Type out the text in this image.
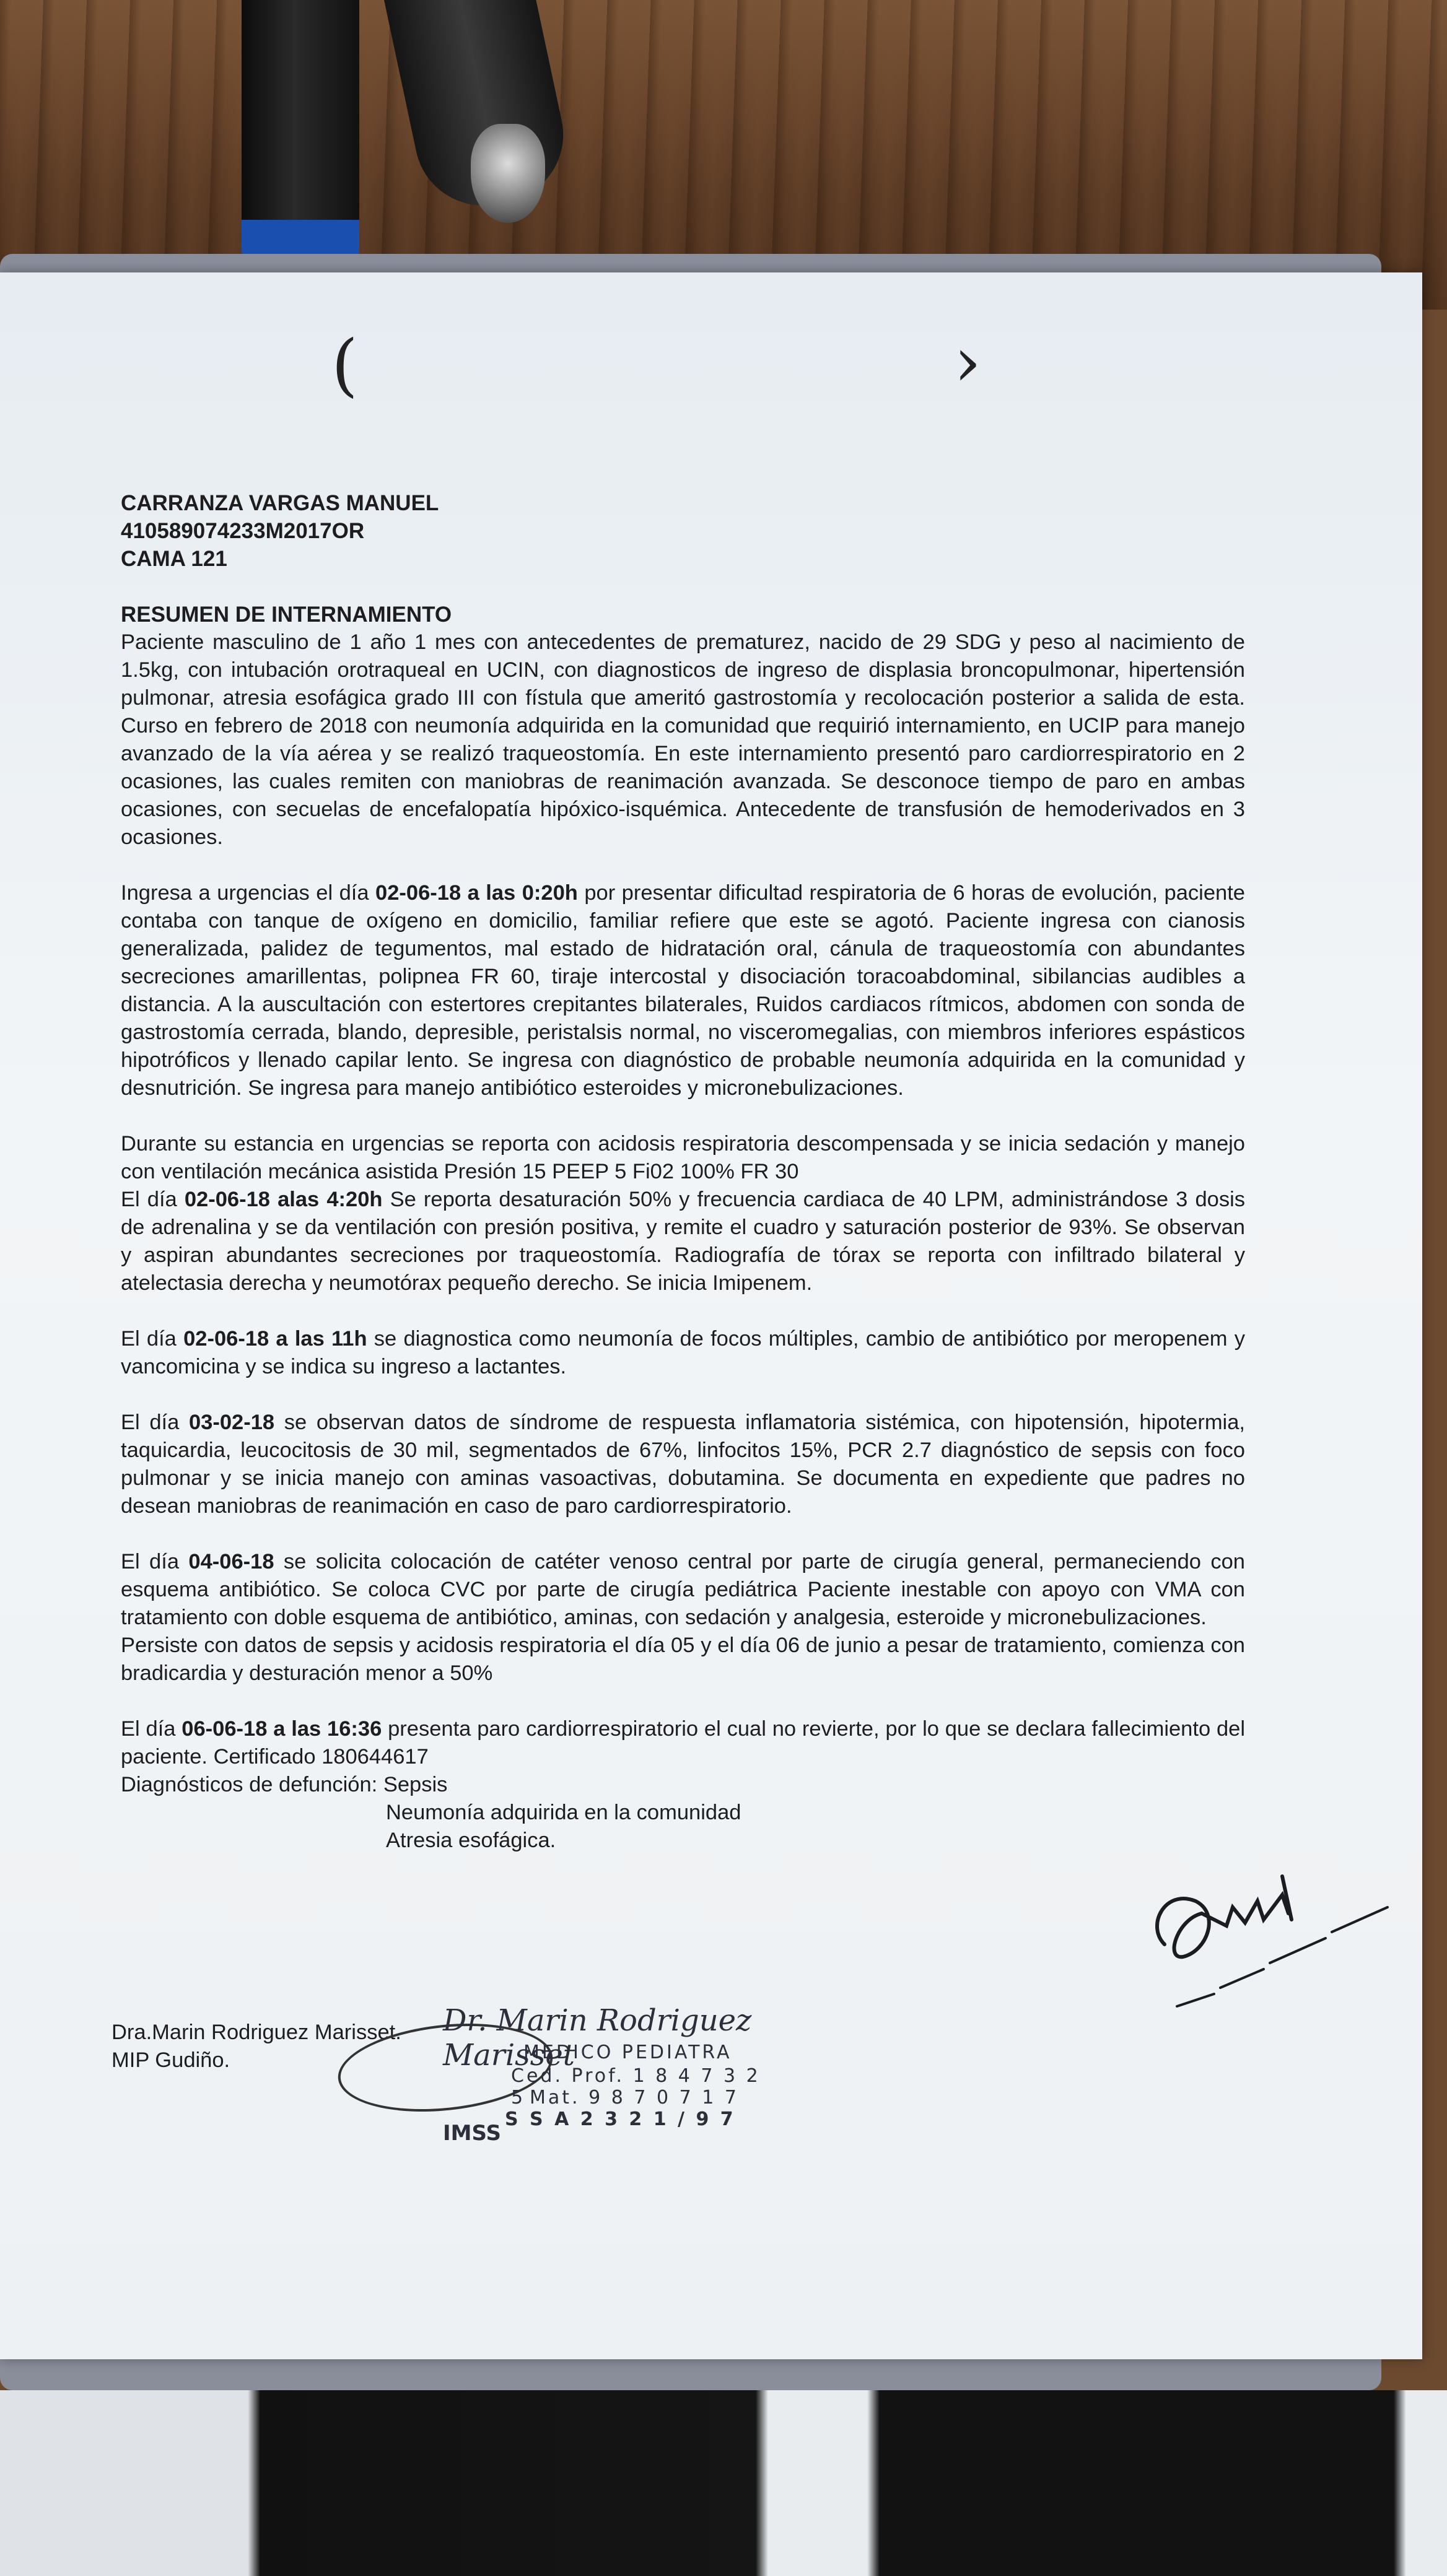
(	›
CARRANZA VARGAS MANUEL
410589074233M2017OR
CAMA 121
RESUMEN DE INTERNAMIENTO

Paciente masculino de 1 año 1 mes con antecedentes de prematurez, nacido de 29 SDG y peso al nacimiento de 1.5kg, con intubación orotraqueal en UCIN, con diagnosticos de ingreso de displasia broncopulmonar, hipertensión pulmonar, atresia esofágica grado III con fístula que ameritó gastrostomía y recolocación posterior a salida de esta. Curso en febrero de 2018 con neumonía adquirida en la comunidad que requirió internamiento, en UCIP para manejo avanzado de la vía aérea y se realizó traqueostomía. En este internamiento presentó paro cardiorrespiratorio en 2 ocasiones, las cuales remiten con maniobras de reanimación avanzada. Se desconoce tiempo de paro en ambas ocasiones, con secuelas de encefalopatía hipóxico-isquémica. Antecedente de transfusión de hemoderivados en 3 ocasiones.

Ingresa a urgencias el día 02-06-18 a las 0:20h por presentar dificultad respiratoria de 6 horas de evolución, paciente contaba con tanque de oxígeno en domicilio, familiar refiere que este se agotó. Paciente ingresa con cianosis generalizada, palidez de tegumentos, mal estado de hidratación oral, cánula de traqueostomía con abundantes secreciones amarillentas, polipnea FR 60, tiraje intercostal y disociación toracoabdominal, sibilancias audibles a distancia. A la auscultación con estertores crepitantes bilaterales, Ruidos cardiacos rítmicos, abdomen con sonda de gastrostomía cerrada, blando, depresible, peristalsis normal, no visceromegalias, con miembros inferiores espásticos hipotróficos y llenado capilar lento. Se ingresa con diagnóstico de probable neumonía adquirida en la comunidad y desnutrición. Se ingresa para manejo antibiótico esteroides y micronebulizaciones.

Durante su estancia en urgencias se reporta con acidosis respiratoria descompensada y se inicia sedación y manejo con ventilación mecánica asistida Presión 15 PEEP 5 Fi02 100% FR 30
El día 02-06-18 alas 4:20h Se reporta desaturación 50% y frecuencia cardiaca de 40 LPM, administrándose 3 dosis de adrenalina y se da ventilación con presión positiva, y remite el cuadro y saturación posterior de 93%. Se observan y aspiran abundantes secreciones por traqueostomía. Radiografía de tórax se reporta con infiltrado bilateral y atelectasia derecha y neumotórax pequeño derecho. Se inicia Imipenem.

El día 02-06-18 a las 11h se diagnostica como neumonía de focos múltiples, cambio de antibiótico por meropenem y vancomicina y se indica su ingreso a lactantes.

El día 03-02-18 se observan datos de síndrome de respuesta inflamatoria sistémica, con hipotensión, hipotermia, taquicardia, leucocitosis de 30 mil, segmentados de 67%, linfocitos 15%, PCR 2.7 diagnóstico de sepsis con foco pulmonar y se inicia manejo con aminas vasoactivas, dobutamina. Se documenta en expediente que padres no desean maniobras de reanimación en caso de paro cardiorrespiratorio.

El día 04-06-18 se solicita colocación de catéter venoso central por parte de cirugía general, permaneciendo con esquema antibiótico. Se coloca CVC por parte de cirugía pediátrica Paciente inestable con apoyo con VMA con tratamiento con doble esquema de antibiótico, aminas, con sedación y analgesia, esteroide y micronebulizaciones.
Persiste con datos de sepsis y acidosis respiratoria el día 05 y el día 06 de junio a pesar de tratamiento, comienza con bradicardia y desturación menor a 50%

El día 06-06-18 a las 16:36 presenta paro cardiorrespiratorio el cual no revierte, por lo que se declara fallecimiento del paciente. Certificado 180644617

Diagnósticos de defunción: Sepsis
Neumonía adquirida en la comunidad
Atresia esofágica.
Dra.Marin Rodriguez Marisset.
MIP Gudiño.
Dr. Marin Rodriguez Marisset
MEDICO PEDIATRA
Ced. Prof. 1 8 4 7 3 2 5 Mat. 9 8 7 0 7 1 7
S S A 2 3 2 1 / 9 7
IMSS
